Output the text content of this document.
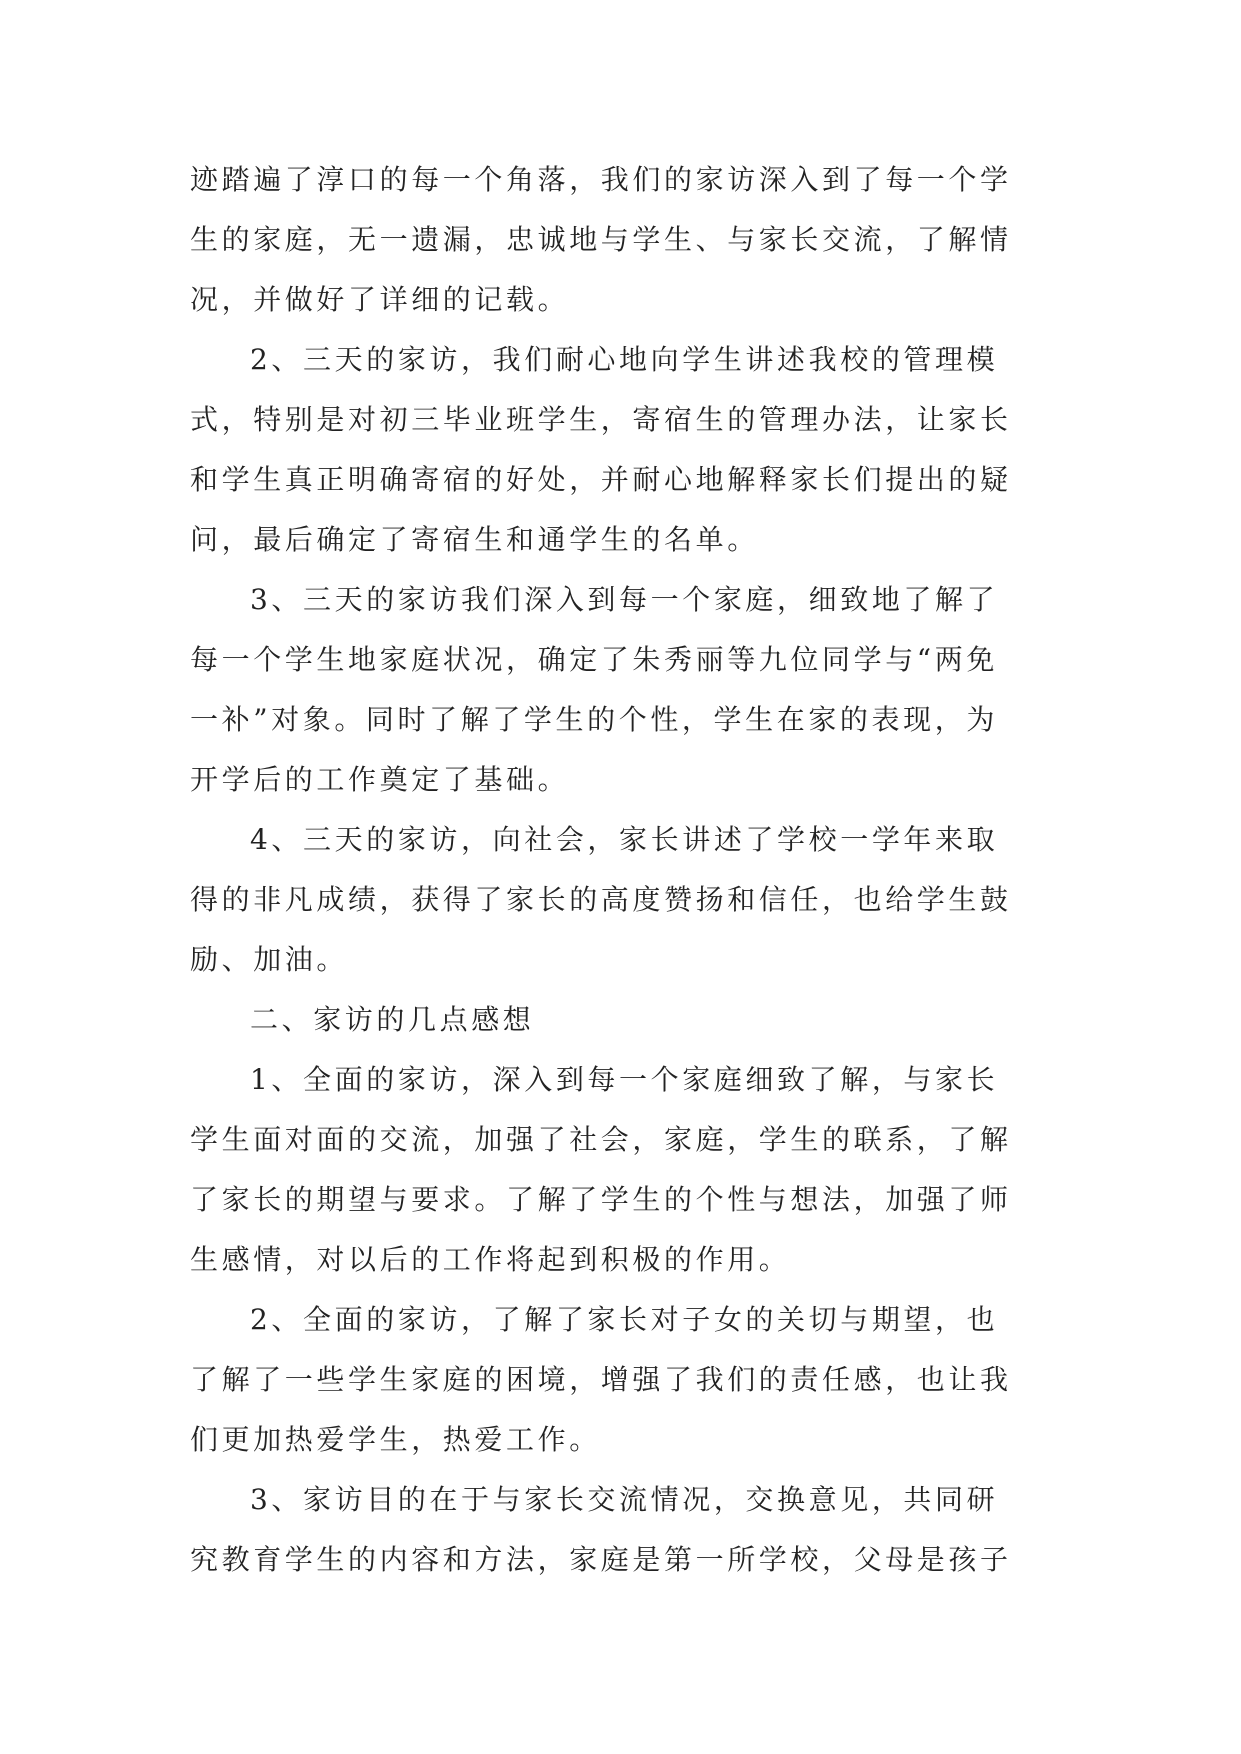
迹踏遍了淳口的每一个角落，我们的家访深入到了每一个学
生的家庭，无一遗漏，忠诚地与学生、与家长交流，了解情
况，并做好了详细的记载。
2、三天的家访，我们耐心地向学生讲述我校的管理模
式，特别是对初三毕业班学生，寄宿生的管理办法，让家长
和学生真正明确寄宿的好处，并耐心地解释家长们提出的疑
问，最后确定了寄宿生和通学生的名单。
3、三天的家访我们深入到每一个家庭，细致地了解了
每一个学生地家庭状况，确定了朱秀丽等九位同学与“两免
一补”对象。同时了解了学生的个性，学生在家的表现，为
开学后的工作奠定了基础。
4、三天的家访，向社会，家长讲述了学校一学年来取
得的非凡成绩，获得了家长的高度赞扬和信任，也给学生鼓
励、加油。
二、家访的几点感想
1、全面的家访，深入到每一个家庭细致了解，与家长
学生面对面的交流，加强了社会，家庭，学生的联系，了解
了家长的期望与要求。了解了学生的个性与想法，加强了师
生感情，对以后的工作将起到积极的作用。
2、全面的家访，了解了家长对子女的关切与期望，也
了解了一些学生家庭的困境，增强了我们的责任感，也让我
们更加热爱学生，热爱工作。
3、家访目的在于与家长交流情况，交换意见，共同研
究教育学生的内容和方法，家庭是第一所学校，父母是孩子
